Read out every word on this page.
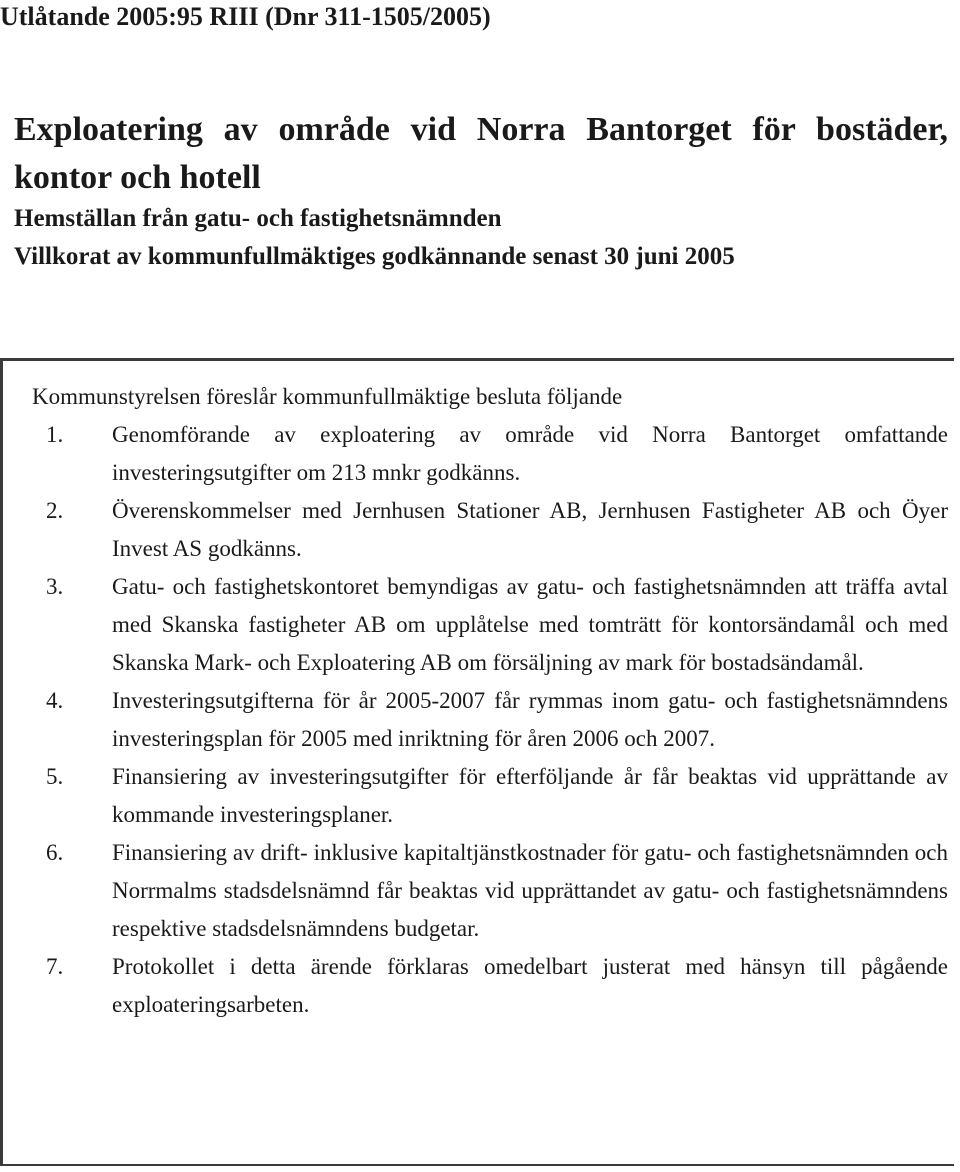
Utlåtande 2005:95 RIII (Dnr 311-1505/2005)
Exploatering av område vid Norra Bantorget för bostäder, kontor och hotell
Hemställan från gatu- och fastighetsnämnden
Villkorat av kommunfullmäktiges godkännande senast 30 juni 2005
Kommunstyrelsen föreslår kommunfullmäktige besluta följande
1.	Genomförande av exploatering av område vid Norra Bantorget omfattande investeringsutgifter om 213 mnkr godkänns.
2.	Överenskommelser med Jernhusen Stationer AB, Jernhusen Fastigheter AB och Öyer Invest AS godkänns.
3.	Gatu- och fastighetskontoret bemyndigas av gatu- och fastighetsnämnden att träffa avtal med Skanska fastigheter AB om upplåtelse med tomträtt för kontorsändamål och med Skanska Mark- och Exploatering AB om försäljning av mark för bostadsändamål.
4.	Investeringsutgifterna för år 2005-2007 får rymmas inom gatu- och fastighetsnämndens investeringsplan för 2005 med inriktning för åren 2006 och 2007.
5.	Finansiering av investeringsutgifter för efterföljande år får beaktas vid upprättande av kommande investeringsplaner.
6.	Finansiering av drift- inklusive kapitaltjänstkostnader för gatu- och fastighetsnämnden och Norrmalms stadsdelsnämnd får beaktas vid upprättandet av gatu- och fastighetsnämndens respektive stadsdelsnämndens budgetar.
7.	Protokollet i detta ärende förklaras omedelbart justerat med hänsyn till pågående exploateringsarbeten.
